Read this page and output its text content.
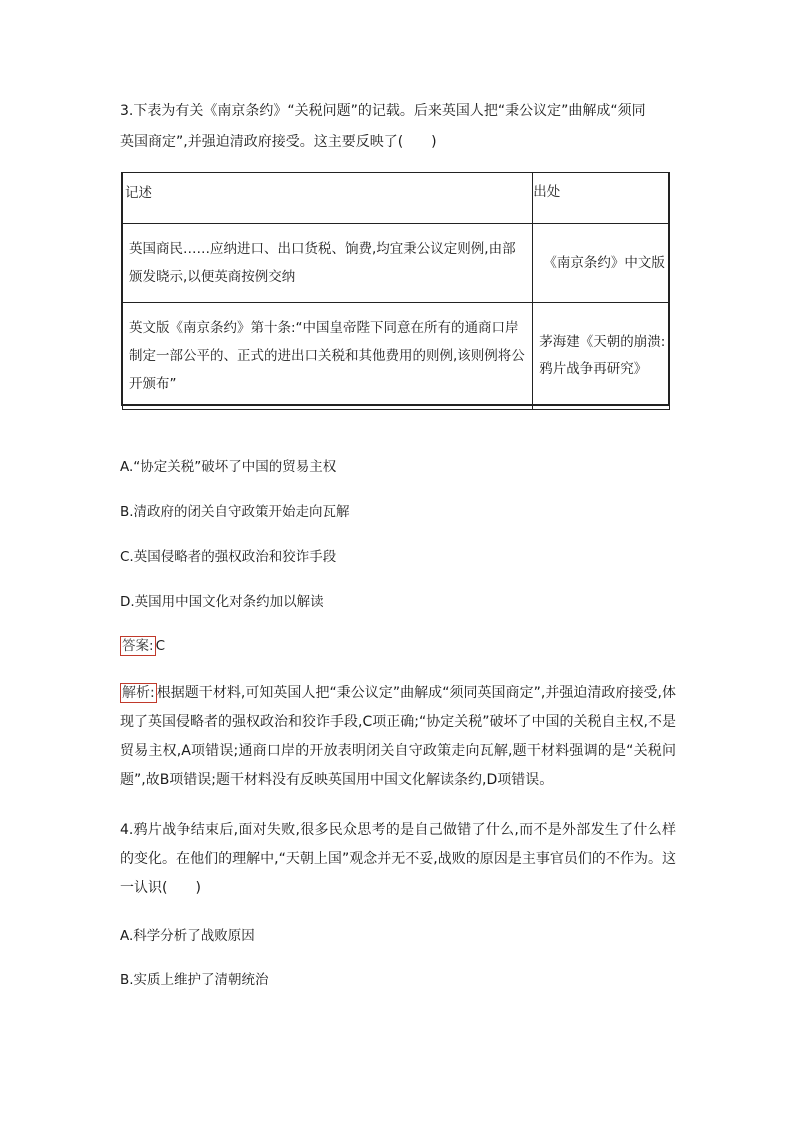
3.下表为有关《南京条约》“关税问题”的记载。后来英国人把“秉公议定”曲解成“须同
英国商定”,并强迫清政府接受。这主要反映了(　　)
记述	出处
英国商民……应纳进口、出口货税、饷费,均宜秉公议定则例,由部颁发晓示,以便英商按例交纳	《南京条约》中文版
英文版《南京条约》第十条:“中国皇帝陛下同意在所有的通商口岸制定一部公平的、正式的进出口关税和其他费用的则例,该则例将公开颁布”	茅海建《天朝的崩溃:鸦片战争再研究》
A.“协定关税”破坏了中国的贸易主权
B.清政府的闭关自守政策开始走向瓦解
C.英国侵略者的强权政治和狡诈手段
D.英国用中国文化对条约加以解读
答案: C
解析: 根据题干材料,可知英国人把“秉公议定”曲解成“须同英国商定”,并强迫清政府接受,体现了英国侵略者的强权政治和狡诈手段,C项正确;“协定关税”破坏了中国的关税自主权,不是贸易主权,A项错误;通商口岸的开放表明闭关自守政策走向瓦解,题干材料强调的是“关税问题”,故B项错误;题干材料没有反映英国用中国文化解读条约,D项错误。
4.鸦片战争结束后,面对失败,很多民众思考的是自己做错了什么,而不是外部发生了什么样的变化。在他们的理解中,“天朝上国”观念并无不妥,战败的原因是主事官员们的不作为。这一认识(　　)
A.科学分析了战败原因
B.实质上维护了清朝统治
